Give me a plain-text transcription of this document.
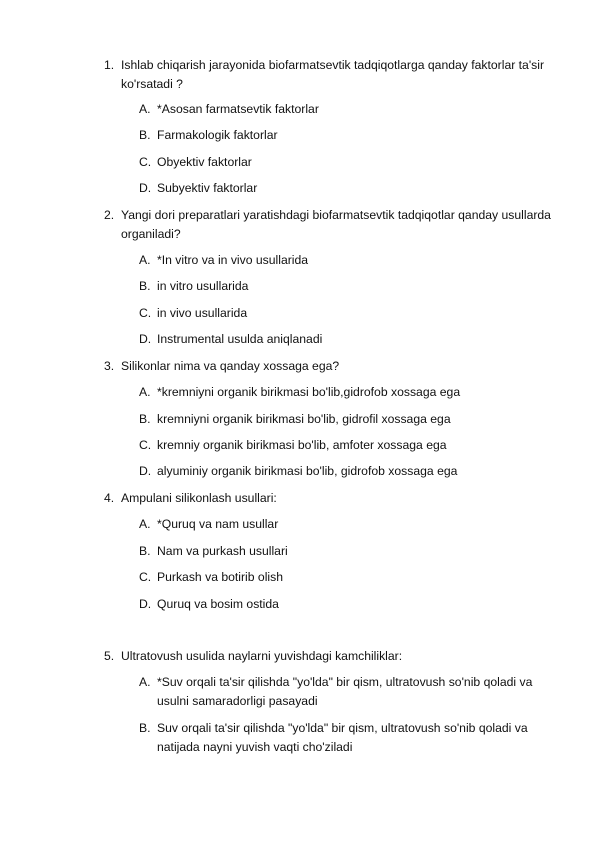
1. Ishlab chiqarish jarayonida biofarmatsevtik tadqiqotlarga qanday faktorlar ta'sir ko'rsatadi ?
A. *Asosan farmatsevtik faktorlar
B. Farmakologik faktorlar
C. Obyektiv faktorlar
D. Subyektiv faktorlar
2. Yangi dori preparatlari yaratishdagi biofarmatsevtik tadqiqotlar qanday usullarda organiladi?
A. *In vitro va in vivo usullarida
B. in vitro usullarida
C. in vivo usullarida
D. Instrumental usulda aniqlanadi
3. Silikonlar nima va qanday xossaga ega?
A. *kremniyni organik birikmasi bo'lib,gidrofob xossaga ega
B. kremniyni organik birikmasi bo'lib, gidrofil xossaga ega
C. kremniy organik birikmasi bo'lib, amfoter xossaga ega
D. alyuminiy organik birikmasi bo'lib, gidrofob xossaga ega
4. Ampulani silikonlash usullari:
A. *Quruq va nam usullar
B. Nam va purkash usullari
C. Purkash va botirib olish
D. Quruq va bosim ostida
5. Ultratovush usulida naylarni yuvishdagi kamchiliklar:
A. *Suv orqali ta'sir qilishda "yo'lda" bir qism, ultratovush so'nib qoladi va usulni samaradorligi pasayadi
B. Suv orqali ta'sir qilishda "yo'lda" bir qism, ultratovush so'nib qoladi va natijada nayni yuvish vaqti cho'ziladi
